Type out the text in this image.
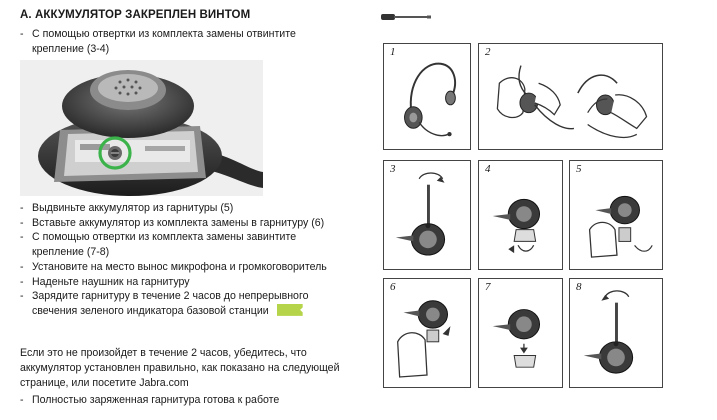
A. АККУМУЛЯТОР ЗАКРЕПЛЕН ВИНТОМ
- С помощью отвертки из комплекта замены отвинтите крепление (3-4)
- Выдвиньте аккумулятор из гарнитуры (5)
- Вставьте аккумулятор из комплекта замены в гарнитуру (6)
- С помощью отвертки из комплекта замены завинтите крепление (7-8)
- Установите на место вынос микрофона и громкоговоритель
- Наденьте наушник на гарнитуру
- Зарядите гарнитуру в течение 2 часов до непрерывного свечения зеленого индикатора базовой станции
Если это не произойдет в течение 2 часов, убедитесь, что аккумулятор установлен правильно, как показано на следующей странице, или посетите Jabra.com
- Полностью заряженная гарнитура готова к работе
1	2
3	4	5
6	7	8
